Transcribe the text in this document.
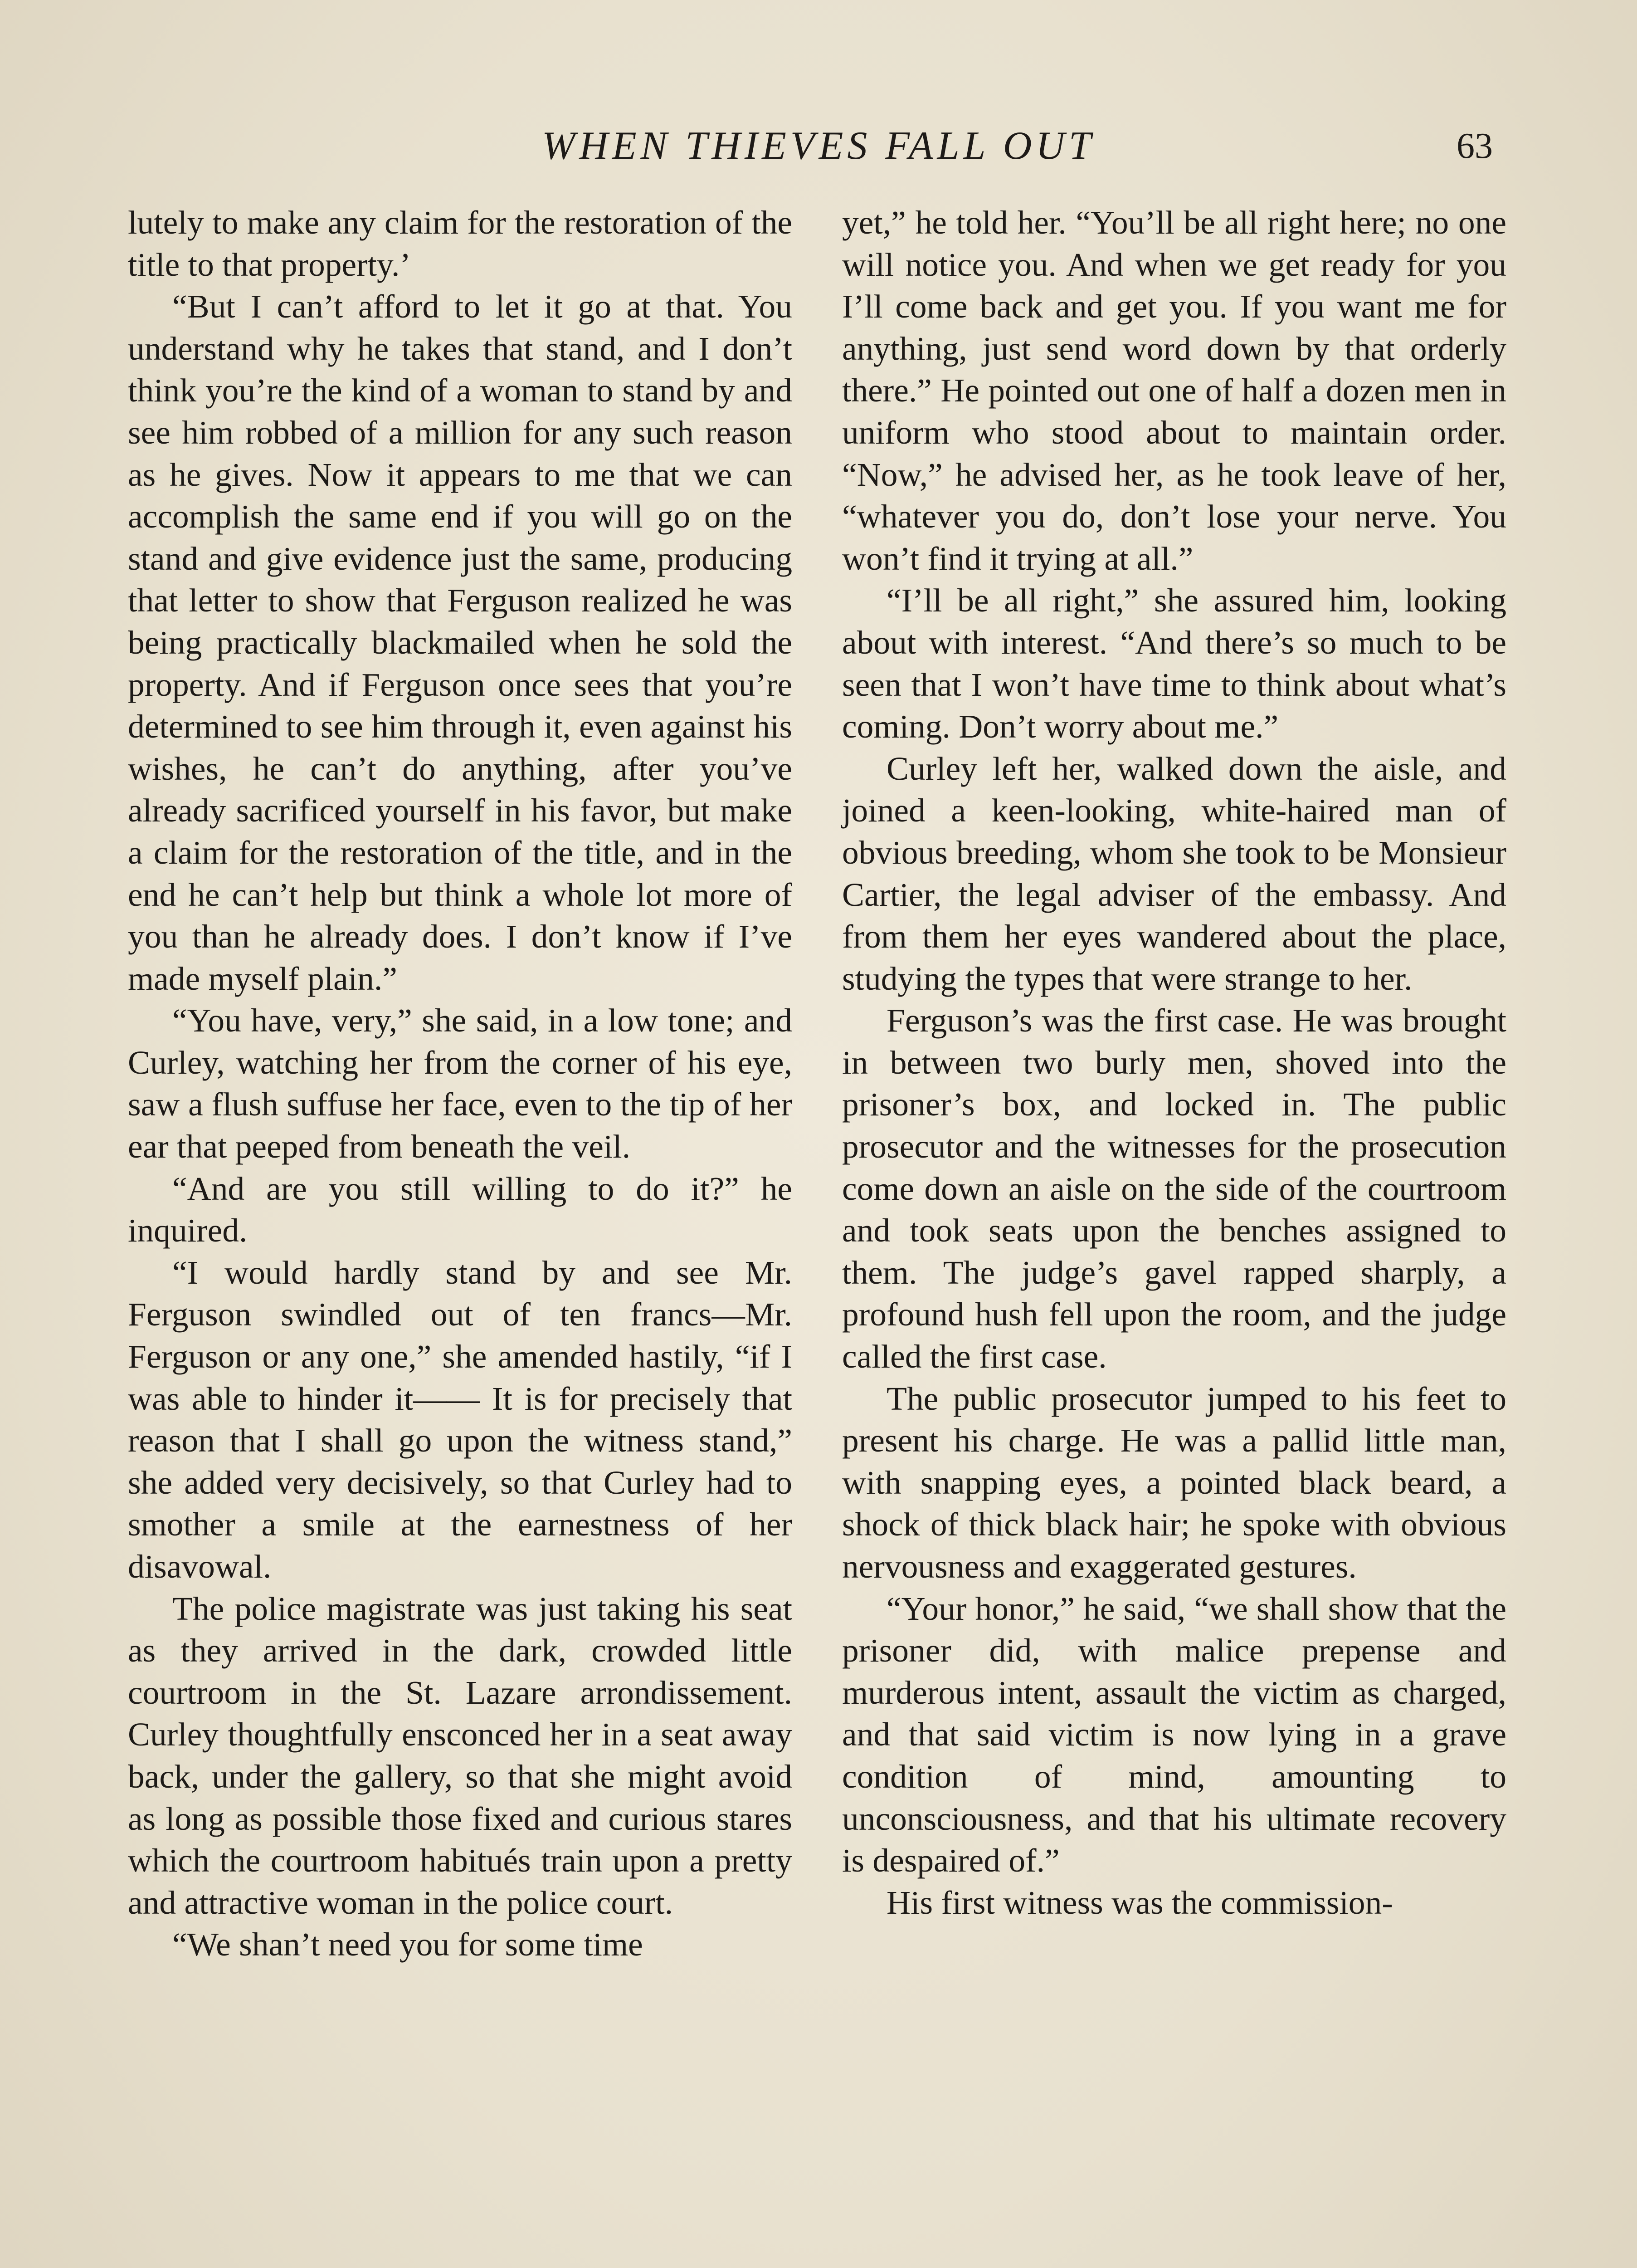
WHEN THIEVES FALL OUT	63

lutely to make any claim for the restoration of the title to that property.’

“But I can’t afford to let it go at that. You understand why he takes that stand, and I don’t think you’re the kind of a woman to stand by and see him robbed of a million for any such reason as he gives. Now it appears to me that we can accomplish the same end if you will go on the stand and give evidence just the same, producing that letter to show that Ferguson realized he was being practically blackmailed when he sold the property. And if Ferguson once sees that you’re determined to see him through it, even against his wishes, he can’t do anything, after you’ve already sacrificed yourself in his favor, but make a claim for the restoration of the title, and in the end he can’t help but think a whole lot more of you than he already does. I don’t know if I’ve made myself plain.”

“You have, very,” she said, in a low tone; and Curley, watching her from the corner of his eye, saw a flush suffuse her face, even to the tip of her ear that peeped from beneath the veil.

“And are you still willing to do it?” he inquired.

“I would hardly stand by and see Mr. Ferguson swindled out of ten francs—Mr. Ferguson or any one,” she amended hastily, “if I was able to hinder it—— It is for precisely that reason that I shall go upon the witness stand,” she added very decisively, so that Curley had to smother a smile at the earnestness of her disavowal.

The police magistrate was just taking his seat as they arrived in the dark, crowded little courtroom in the St. Lazare arrondissement. Curley thoughtfully ensconced her in a seat away back, under the gallery, so that she might avoid as long as possible those fixed and curious stares which the courtroom habitués train upon a pretty and attractive woman in the police court.

“We shan’t need you for some time

yet,” he told her. “You’ll be all right here; no one will notice you. And when we get ready for you I’ll come back and get you. If you want me for anything, just send word down by that orderly there.” He pointed out one of half a dozen men in uniform who stood about to maintain order. “Now,” he advised her, as he took leave of her, “whatever you do, don’t lose your nerve. You won’t find it trying at all.”

“I’ll be all right,” she assured him, looking about with interest. “And there’s so much to be seen that I won’t have time to think about what’s coming. Don’t worry about me.”

Curley left her, walked down the aisle, and joined a keen-looking, white-haired man of obvious breeding, whom she took to be Monsieur Cartier, the legal adviser of the embassy. And from them her eyes wandered about the place, studying the types that were strange to her.

Ferguson’s was the first case. He was brought in between two burly men, shoved into the prisoner’s box, and locked in. The public prosecutor and the witnesses for the prosecution come down an aisle on the side of the courtroom and took seats upon the benches assigned to them. The judge’s gavel rapped sharply, a profound hush fell upon the room, and the judge called the first case.

The public prosecutor jumped to his feet to present his charge. He was a pallid little man, with snapping eyes, a pointed black beard, a shock of thick black hair; he spoke with obvious nervousness and exaggerated gestures.

“Your honor,” he said, “we shall show that the prisoner did, with malice prepense and murderous intent, assault the victim as charged, and that said victim is now lying in a grave condition of mind, amounting to unconsciousness, and that his ultimate recovery is despaired of.”

His first witness was the commission-
